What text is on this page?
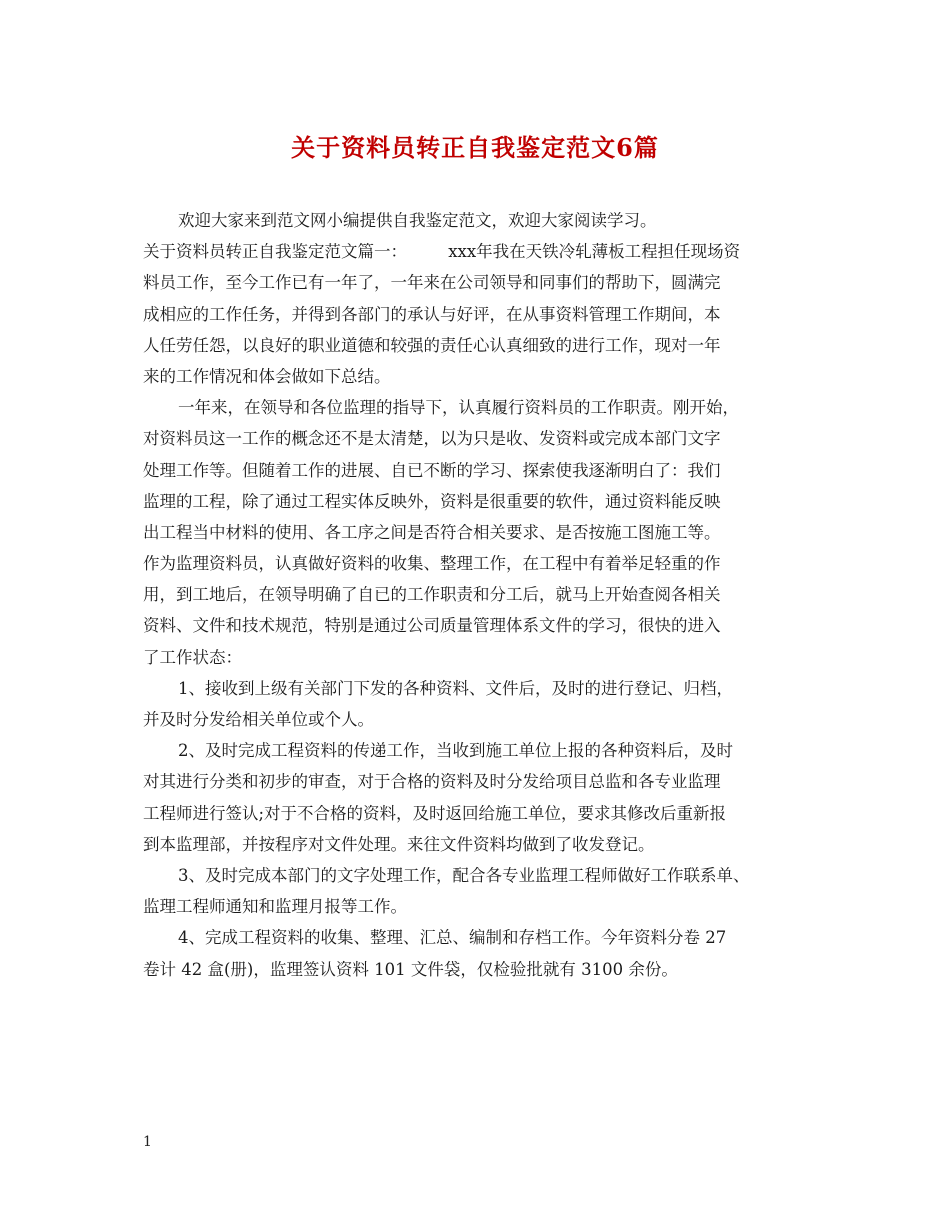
关于资料员转正自我鉴定范文6篇
欢迎大家来到范文网小编提供自我鉴定范文，欢迎大家阅读学习。
关于资料员转正自我鉴定范文篇一：　　　xxx年我在天铁冷轧薄板工程担任现场资
料员工作，至今工作已有一年了，一年来在公司领导和同事们的帮助下，圆满完
成相应的工作任务，并得到各部门的承认与好评，在从事资料管理工作期间，本
人任劳任怨，以良好的职业道德和较强的责任心认真细致的进行工作，现对一年
来的工作情况和体会做如下总结。
一年来，在领导和各位监理的指导下，认真履行资料员的工作职责。刚开始，
对资料员这一工作的概念还不是太清楚，以为只是收、发资料或完成本部门文字
处理工作等。但随着工作的进展、自已不断的学习、探索使我逐渐明白了：我们
监理的工程，除了通过工程实体反映外，资料是很重要的软件，通过资料能反映
出工程当中材料的使用、各工序之间是否符合相关要求、是否按施工图施工等。
作为监理资料员，认真做好资料的收集、整理工作，在工程中有着举足轻重的作
用，到工地后，在领导明确了自已的工作职责和分工后，就马上开始查阅各相关
资料、文件和技术规范，特别是通过公司质量管理体系文件的学习，很快的进入
了工作状态：
1、接收到上级有关部门下发的各种资料、文件后，及时的进行登记、归档，
并及时分发给相关单位或个人。
2、及时完成工程资料的传递工作，当收到施工单位上报的各种资料后，及时
对其进行分类和初步的审查，对于合格的资料及时分发给项目总监和各专业监理
工程师进行签认;对于不合格的资料，及时返回给施工单位，要求其修改后重新报
到本监理部，并按程序对文件处理。来往文件资料均做到了收发登记。
3、及时完成本部门的文字处理工作，配合各专业监理工程师做好工作联系单、
监理工程师通知和监理月报等工作。
4、完成工程资料的收集、整理、汇总、编制和存档工作。今年资料分卷 27
卷计 42 盒(册)，监理签认资料 101 文件袋，仅检验批就有 3100 余份。
1
